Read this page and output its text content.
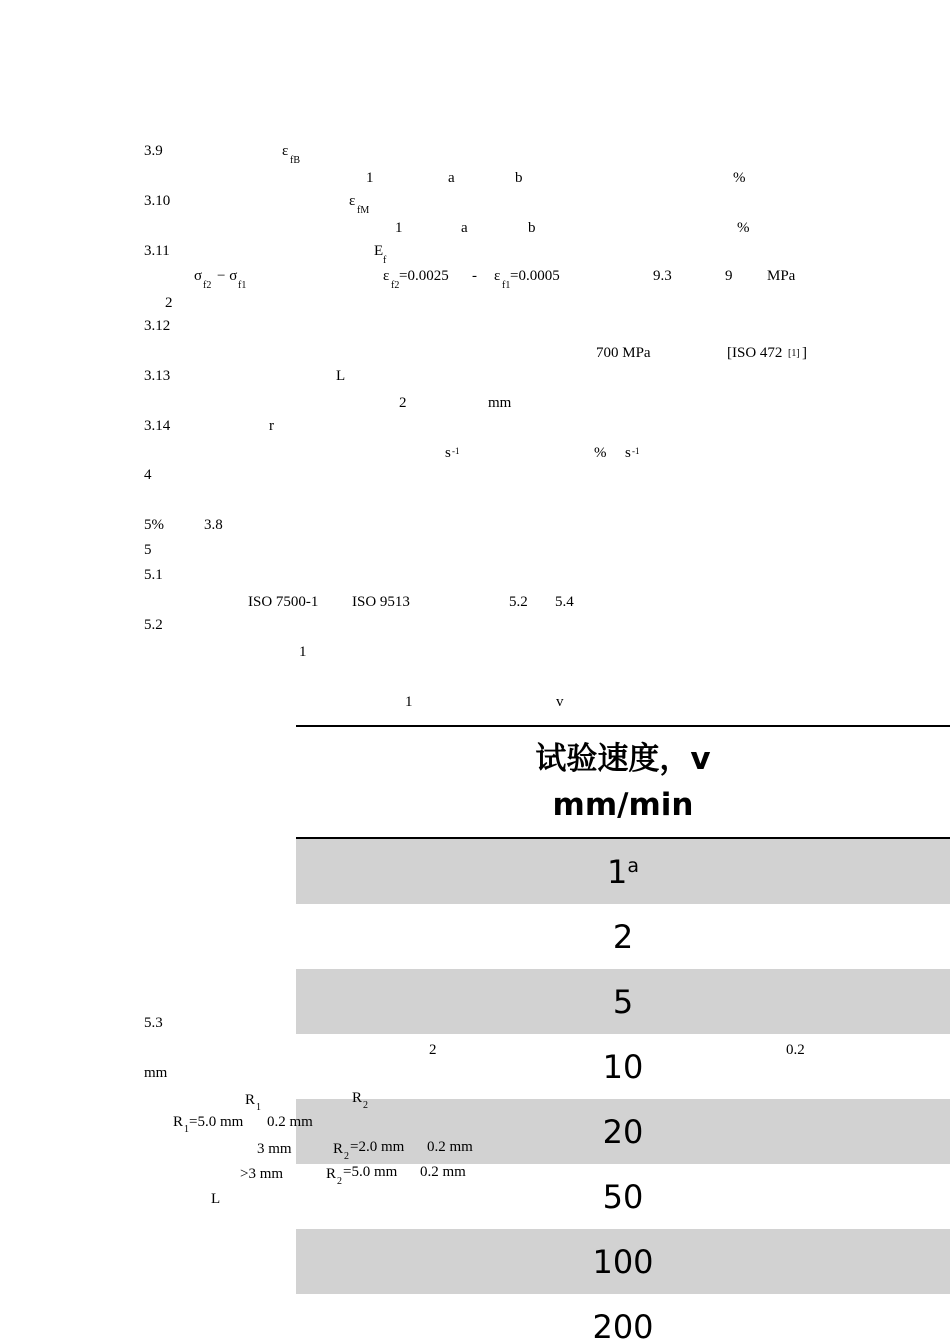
3.9	ε
fB
1	a	b	%
3.10	ε
fM
1	a	b	%
3.11	E
f
σ
f2
− σ
f1
ε
f2
=0.0025 - ε
f1
=0.0005	9.3	9 MPa
2
3.12
700 MPa	[ISO 472 [1] ]
3.13	L
2	mm
3.14	r
s -1	% s -1
4
5%	3.8
5
5.1
ISO 7500-1 ISO 9513	5.2 5.4
5.2
1
1	v
试验速度，v
mm/min
1$^a$
2
5
10
20
50
100
200
5.3
2	0.2
mm
R 1
R 2
R 1 =5.0 mm 0.2 mm
3 mm	R 2
=2.0 mm 0.2 mm
>3 mm	R 2
=5.0 mm 0.2 mm
L
